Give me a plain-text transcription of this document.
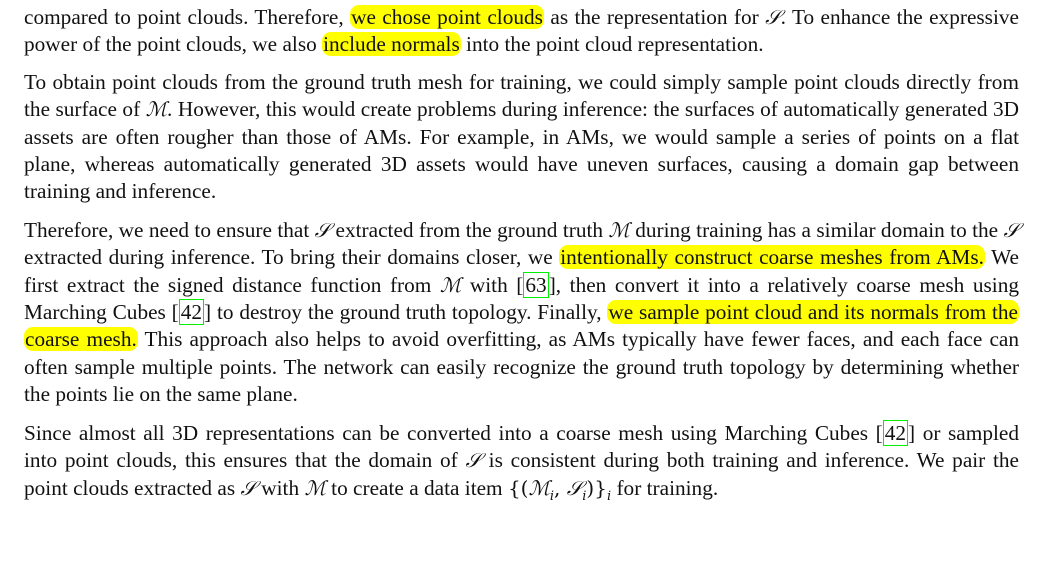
compared to point clouds. Therefore, we chose point clouds as the representation for 𝒮. To enhance the expressive power of the point clouds, we also include normals into the point cloud representation.

To obtain point clouds from the ground truth mesh for training, we could simply sample point clouds directly from the surface of ℳ. However, this would create problems during inference: the surfaces of automatically generated 3D assets are often rougher than those of AMs. For example, in AMs, we would sample a series of points on a flat plane, whereas automatically generated 3D assets would have uneven surfaces, causing a domain gap between training and inference.

Therefore, we need to ensure that 𝒮 extracted from the ground truth ℳ during training has a similar domain to the 𝒮 extracted during inference. To bring their domains closer, we intentionally construct coarse meshes from AMs. We first extract the signed distance function from ℳ with [63], then convert it into a relatively coarse mesh using Marching Cubes [42] to destroy the ground truth topology. Finally, we sample point cloud and its normals from the coarse mesh. This approach also helps to avoid overfitting, as AMs typically have fewer faces, and each face can often sample multiple points. The network can easily recognize the ground truth topology by determining whether the points lie on the same plane.

Since almost all 3D representations can be converted into a coarse mesh using Marching Cubes [42] or sampled into point clouds, this ensures that the domain of 𝒮 is consistent during both training and inference. We pair the point clouds extracted as 𝒮 with ℳ to create a data item {(ℳ$_i$, $𝒮_i)\}_i$ for training.
